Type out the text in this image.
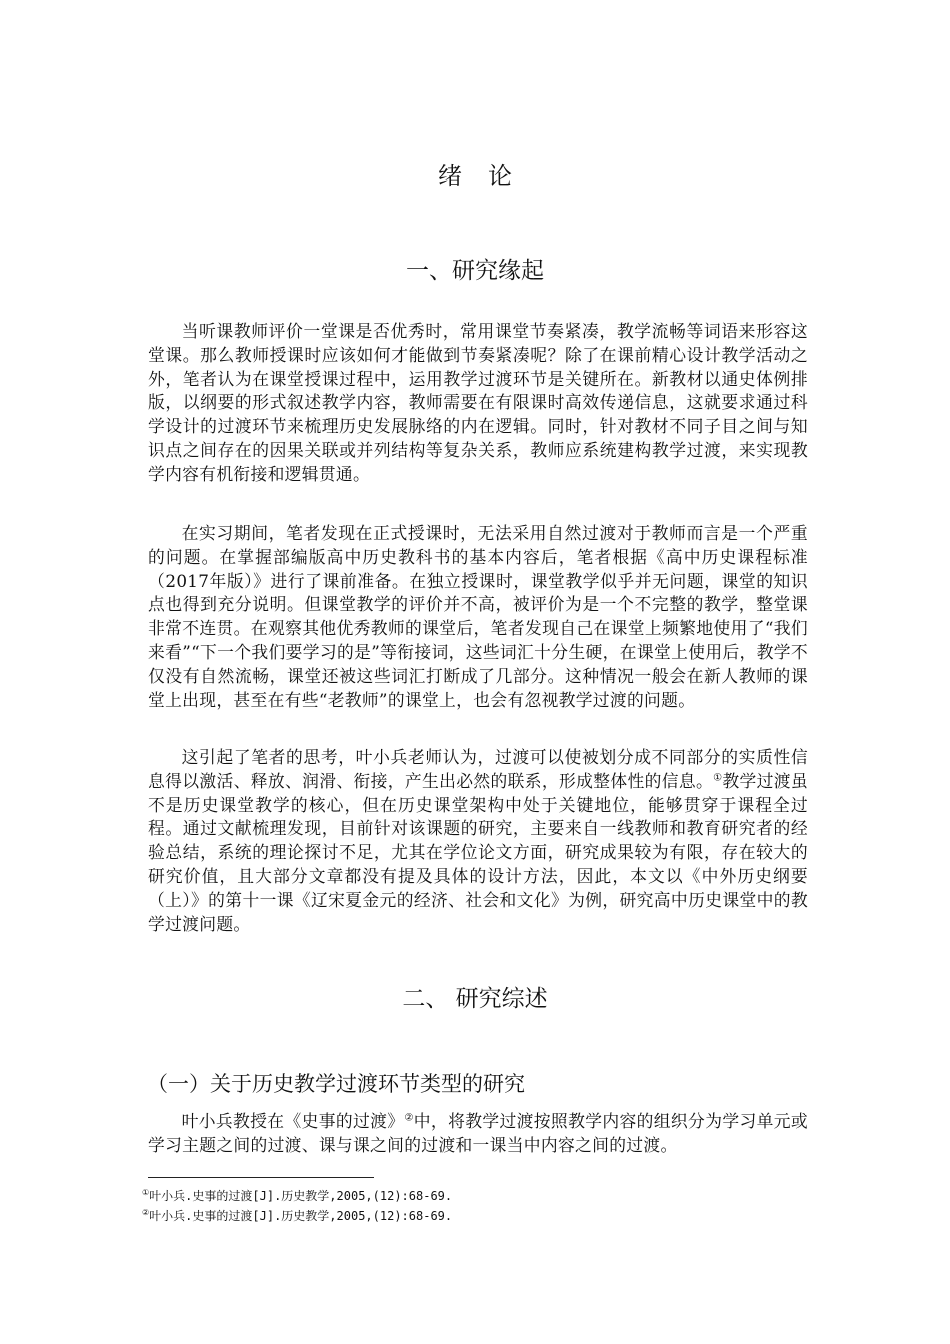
绪论
一、研究缘起

当听课教师评价一堂课是否优秀时，常用课堂节奏紧凑，教学流畅等词语来形容这堂课。那么教师授课时应该如何才能做到节奏紧凑呢？除了在课前精心设计教学活动之外，笔者认为在课堂授课过程中，运用教学过渡环节是关键所在。新教材以通史体例排版，以纲要的形式叙述教学内容，教师需要在有限课时高效传递信息，这就要求通过科学设计的过渡环节来梳理历史发展脉络的内在逻辑。同时，针对教材不同子目之间与知识点之间存在的因果关联或并列结构等复杂关系，教师应系统建构教学过渡，来实现教学内容有机衔接和逻辑贯通。

在实习期间，笔者发现在正式授课时，无法采用自然过渡对于教师而言是一个严重的问题。在掌握部编版高中历史教科书的基本内容后，笔者根据《高中历史课程标准（2017年版）》进行了课前准备。在独立授课时，课堂教学似乎并无问题，课堂的知识点也得到充分说明。但课堂教学的评价并不高，被评价为是一个不完整的教学，整堂课非常不连贯。在观察其他优秀教师的课堂后，笔者发现自己在课堂上频繁地使用了“我们来看”“下一个我们要学习的是”等衔接词，这些词汇十分生硬，在课堂上使用后，教学不仅没有自然流畅，课堂还被这些词汇打断成了几部分。这种情况一般会在新人教师的课堂上出现，甚至在有些“老教师”的课堂上，也会有忽视教学过渡的问题。

这引起了笔者的思考，叶小兵老师认为，过渡可以使被划分成不同部分的实质性信息得以激活、释放、润滑、衔接，产生出必然的联系，形成整体性的信息。①教学过渡虽不是历史课堂教学的核心，但在历史课堂架构中处于关键地位，能够贯穿于课程全过程。通过文献梳理发现，目前针对该课题的研究，主要来自一线教师和教育研究者的经验总结，系统的理论探讨不足，尤其在学位论文方面，研究成果较为有限，存在较大的研究价值，且大部分文章都没有提及具体的设计方法，因此，本文以《中外历史纲要（上）》的第十一课《辽宋夏金元的经济、社会和文化》为例，研究高中历史课堂中的教学过渡问题。

二、 研究综述
（一）关于历史教学过渡环节类型的研究

叶小兵教授在《史事的过渡》②中，将教学过渡按照教学内容的组织分为学习单元或学习主题之间的过渡、课与课之间的过渡和一课当中内容之间的过渡。

①叶小兵.史事的过渡[J].历史教学,2005,(12):68-69.
②叶小兵.史事的过渡[J].历史教学,2005,(12):68-69.
